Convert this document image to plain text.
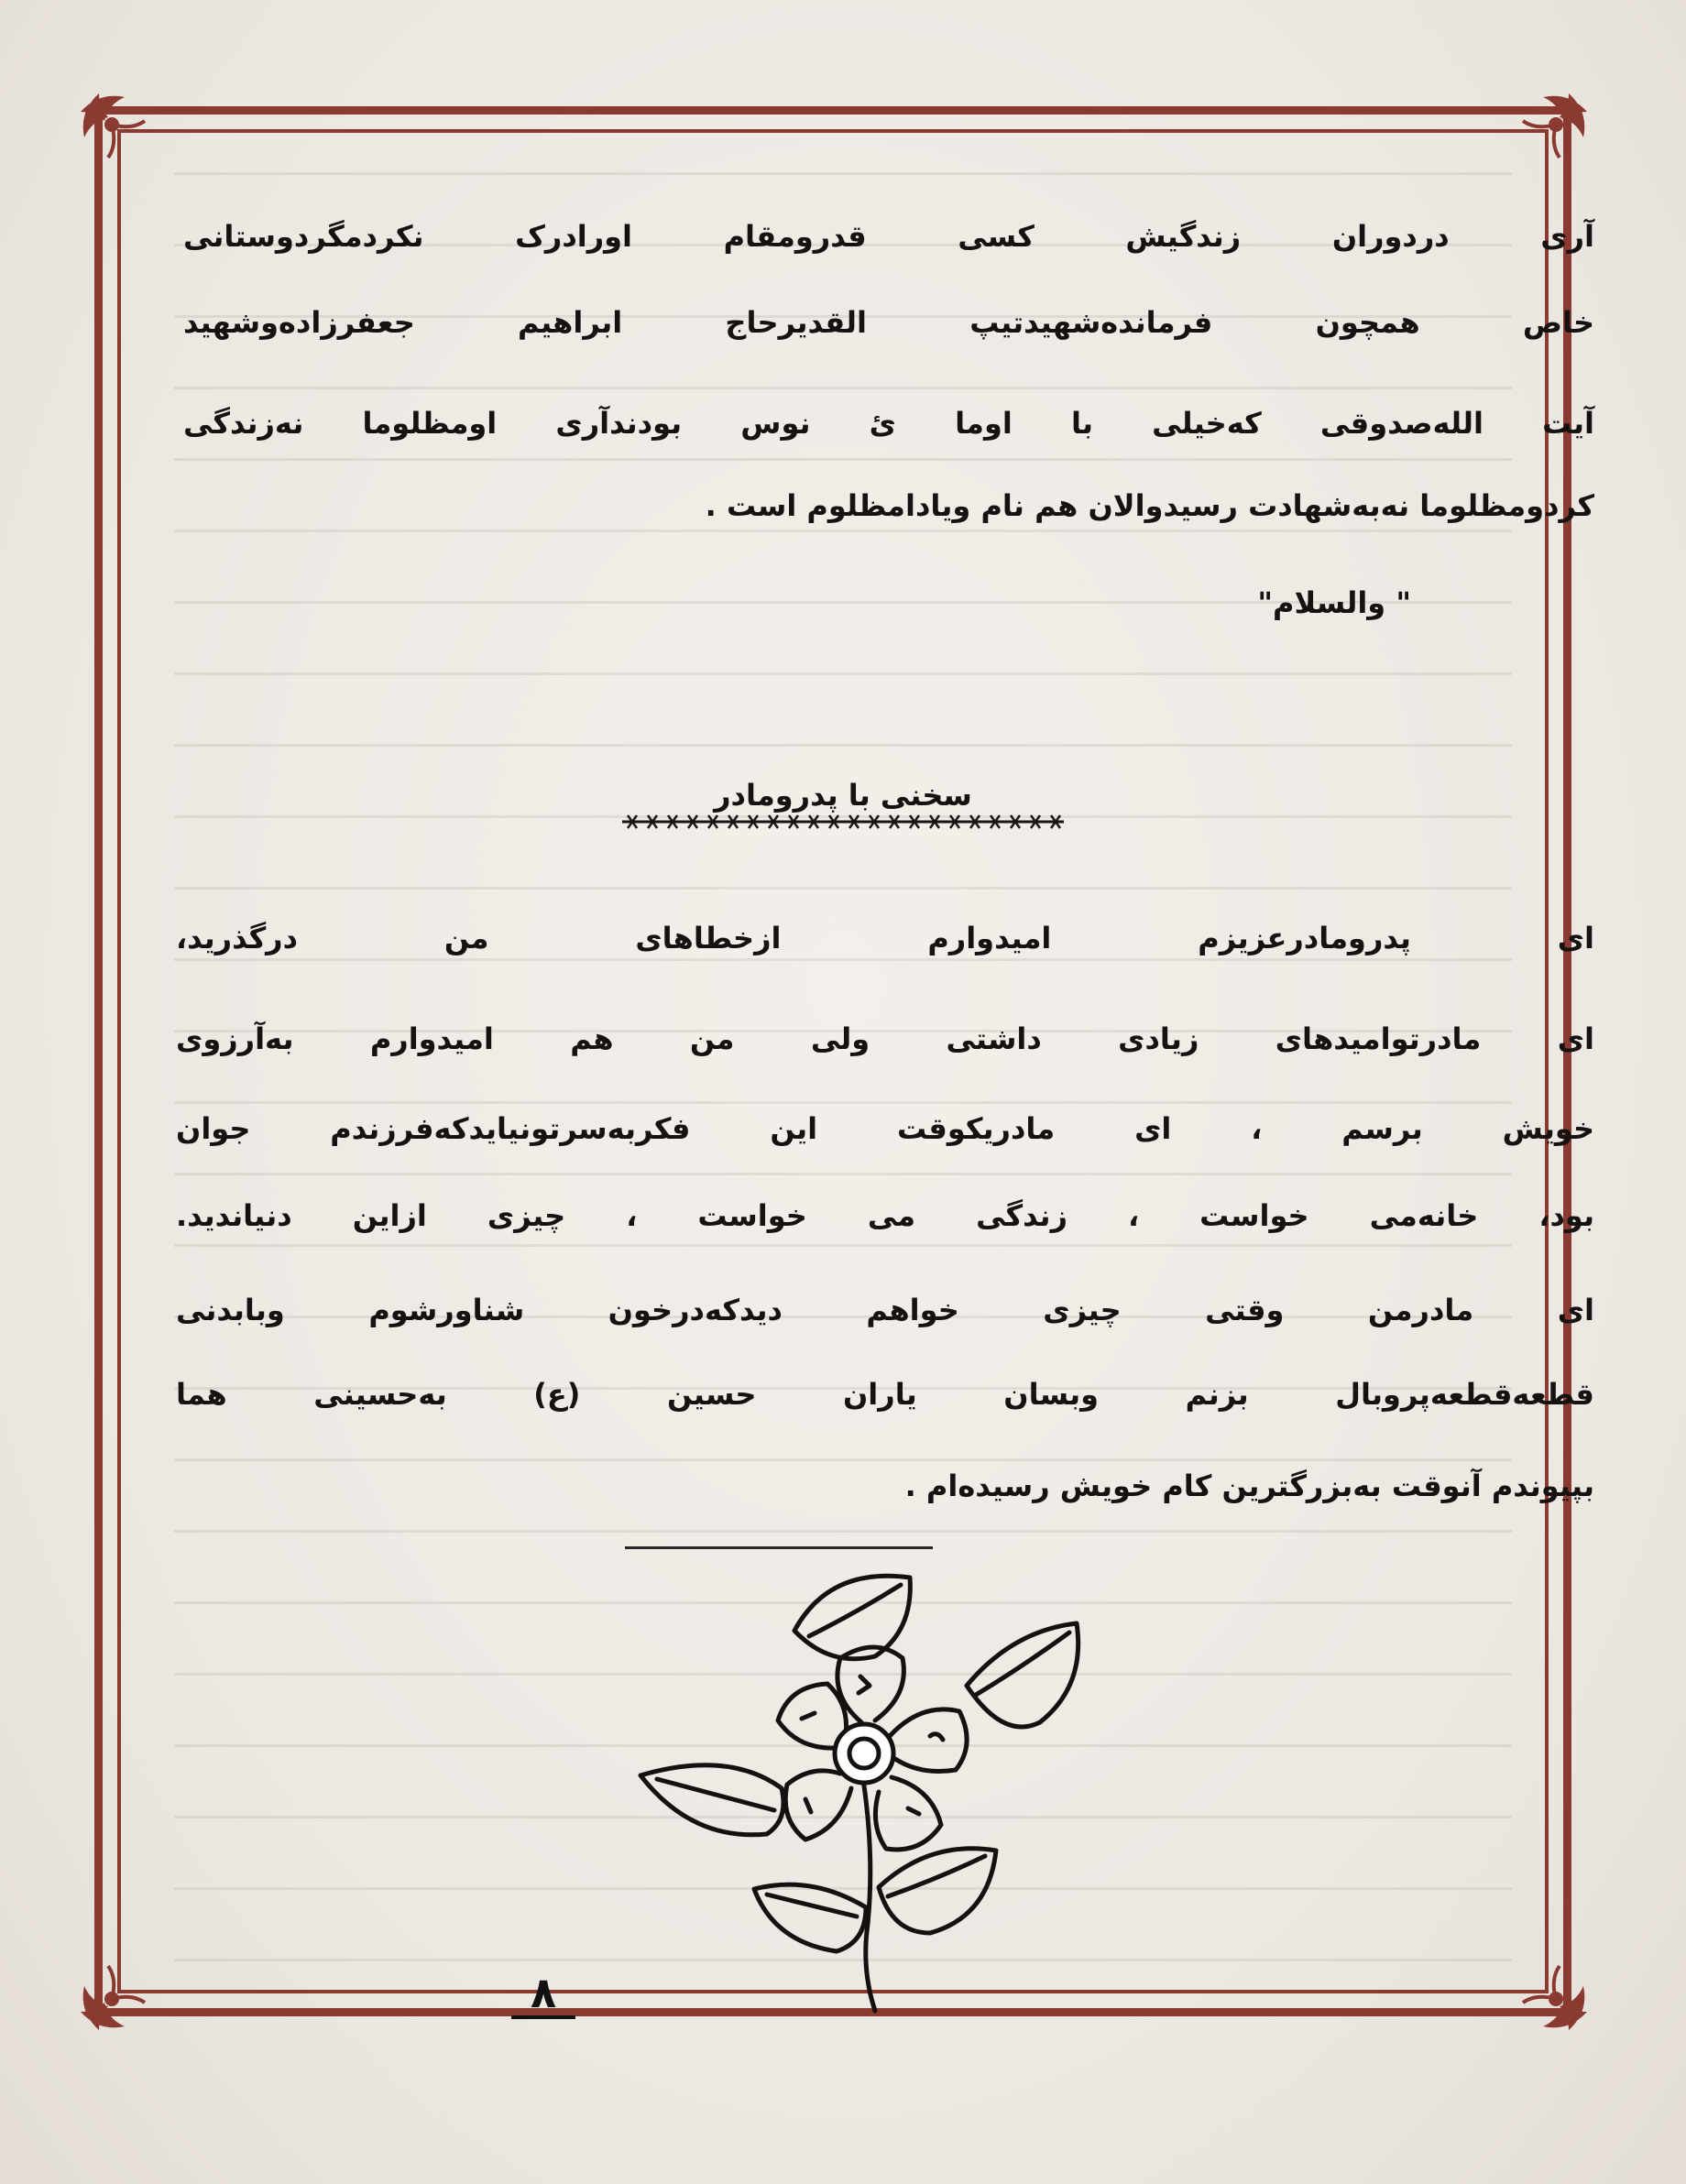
آری دردوران زندگیش کسی قدرومقام اورادرک نکردمگردوستانی
خاص همچون فرماندەشهیدتیپ القدیرحاج ابراهیم جعفرزادەوشهید
آیت اللەصدوقی کەخیلی با اوما ئ نوس بودندآری اومظلوما نەزندگی
کردومظلوما نەبەشهادت رسیدوالان هم نام ویادامظلوم است .
" والسلام"
سخنی با پدرومادر
ای پدرومادرعزیزم امیدوارم ازخطاهای من درگذرید،
ای مادرتوامیدهای زیادی داشتی ولی من هم امیدوارم بەآرزوی
خویش برسم ، ای مادریکوقت این فکربەسرتونیایدکەفرزندم جوان
بود، خانەمی خواست ، زندگی می خواست ، چیزی ازاین دنیاندید.
ای مادرمن وقتی چیزی خواهم دیدکەدرخون شناورشوم وبابدنی
قطعەقطعەپروبال بزنم وبسان یاران حسین (ع) بەحسینی هما
بپیوندم آنوقت بەبزرگترین کام خویش رسیدەام .
٨
